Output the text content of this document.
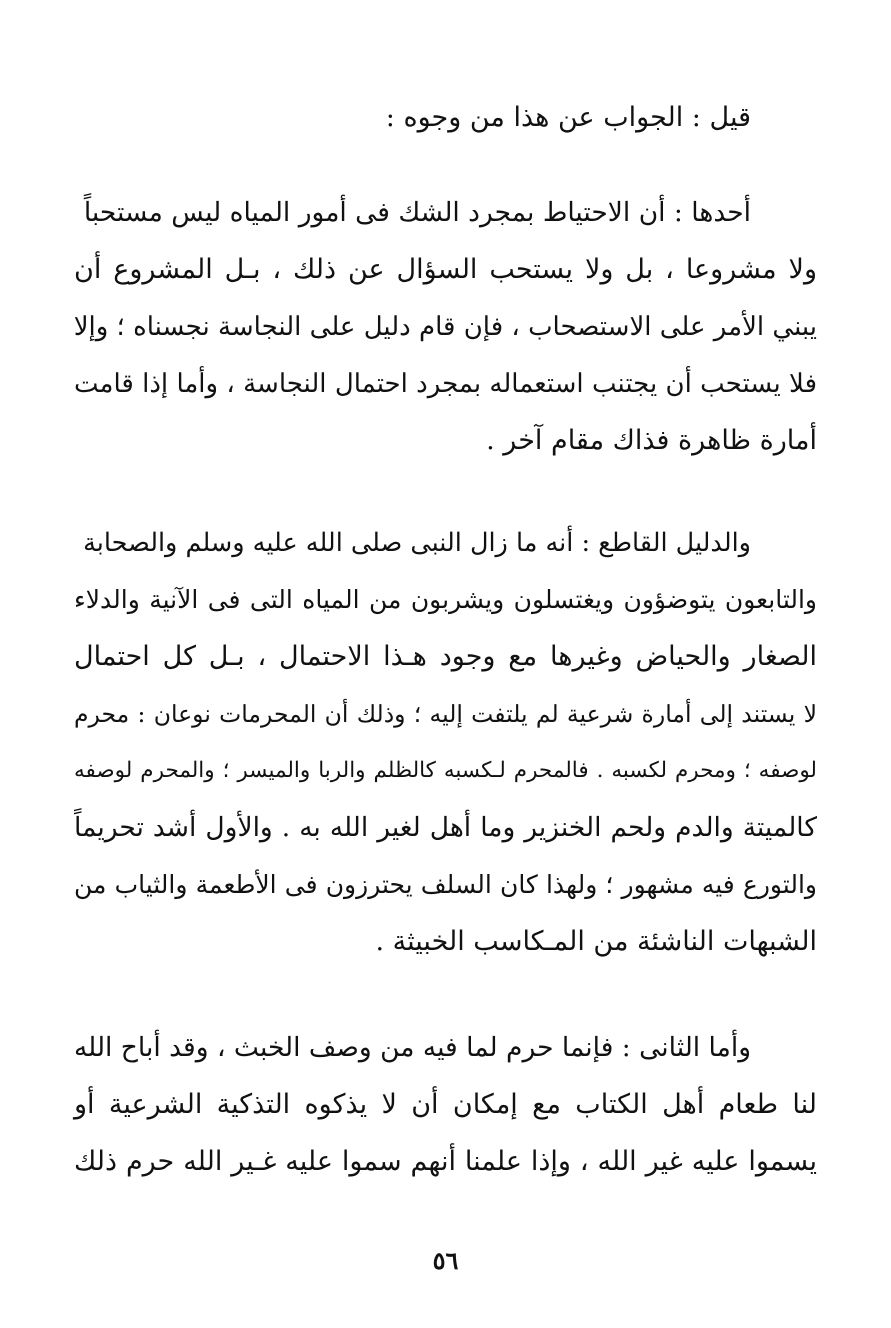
قيل : الجواب عن هذا من وجوه :
أحدها : أن الاحتياط بمجرد الشك فى أمور المياه ليس مستحباً
ولا مشروعا ، بل ولا يستحب السؤال عن ذلك ، بـل المشروع أن
يبني الأمر على الاستصحاب ، فإن قام دليل على النجاسة نجسناه ؛ وإلا
فلا يستحب أن يجتنب استعماله بمجرد احتمال النجاسة ، وأما إذا قامت
أمارة ظاهرة فذاك مقام آخر .
والدليل القاطع : أنه ما زال النبى صلى الله عليه وسلم والصحابة
والتابعون يتوضؤون ويغتسلون ويشربون من المياه التى فى الآنية والدلاء
الصغار والحياض وغيرها مع وجود هـذا الاحتمال ، بـل كل احتمال
لا يستند إلى أمارة شرعية لم يلتفت إليه ؛ وذلك أن المحرمات نوعان : محرم
لوصفه ؛ ومحرم لكسبه . فالمحرم لـكسبه كالظلم والربا والميسر ؛ والمحرم لوصفه
كالميتة والدم ولحم الخنزير وما أهل لغير الله به . والأول أشد تحريماً
والتورع فيه مشهور ؛ ولهذا كان السلف يحترزون فى الأطعمة والثياب من
الشبهات الناشئة من المـكاسب الخبيثة .
وأما الثانى : فإنما حرم لما فيه من وصف الخبث ، وقد أباح الله
لنا طعام أهل الكتاب مع إمكان أن لا يذكوه التذكية الشرعية أو
يسموا عليه غير الله ، وإذا علمنا أنهم سموا عليه غـير الله حرم ذلك
٥٦
